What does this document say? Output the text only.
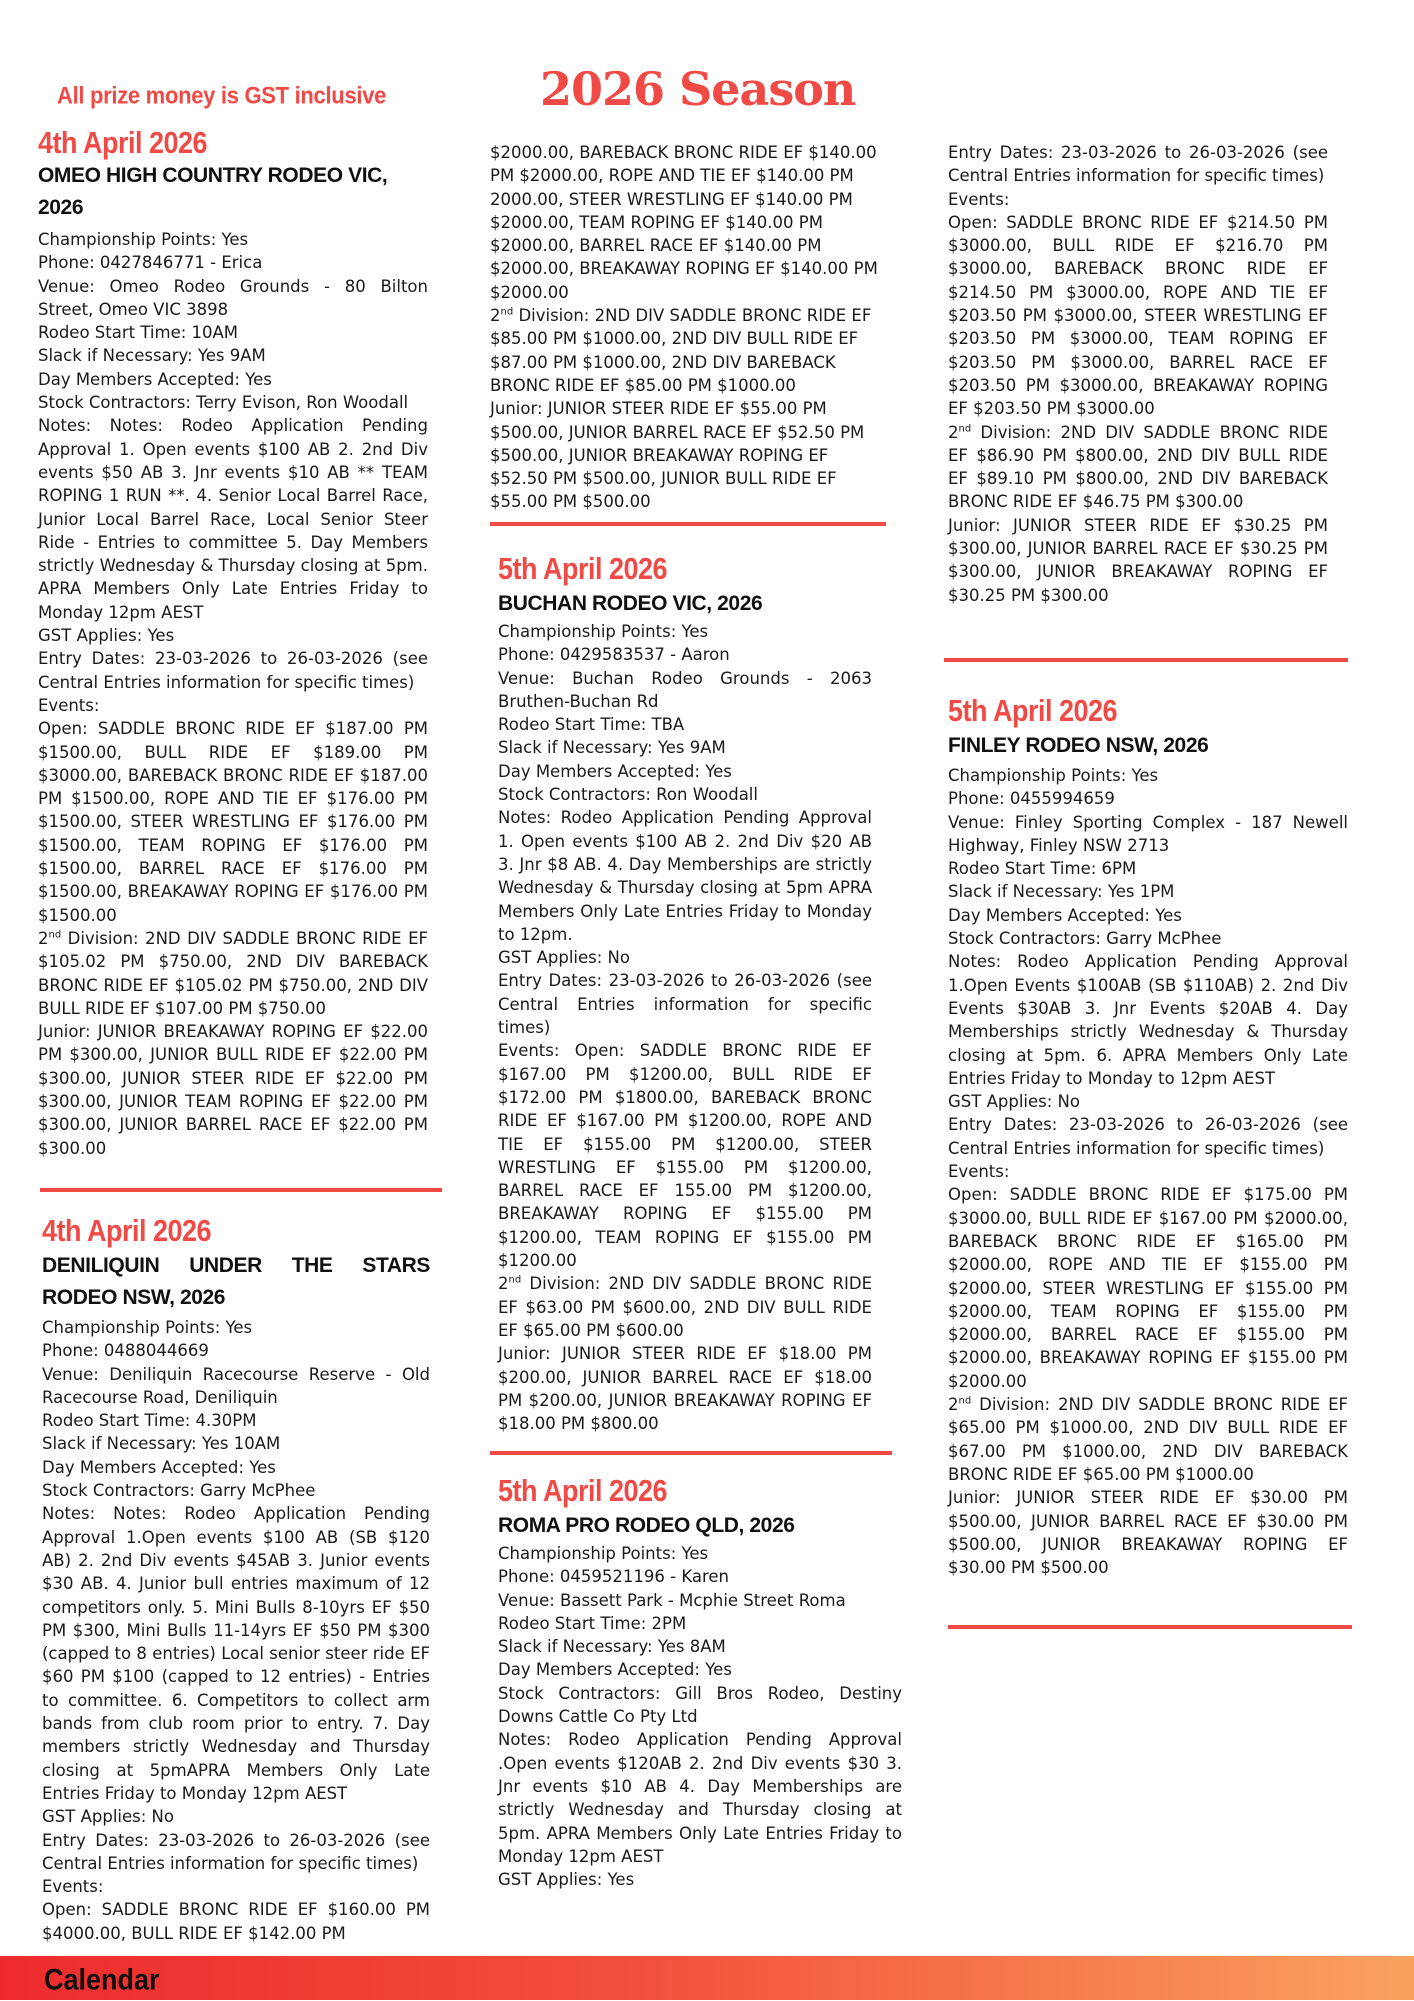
All prize money is GST inclusive	2026 Season

4th April 2026

OMEO HIGH COUNTRY RODEO VIC, 2026

Championship Points: Yes

Phone: 0427846771 - Erica

Venue: Omeo Rodeo Grounds - 80 Bilton Street, Omeo VIC 3898

Rodeo Start Time: 10AM

Slack if Necessary: Yes 9AM

Day Members Accepted: Yes

Stock Contractors: Terry Evison, Ron Woodall

Notes: Notes: Rodeo Application Pending Approval 1. Open events $100 AB 2. 2nd Div events $50 AB 3. Jnr events $10 AB ** TEAM ROPING 1 RUN **. 4. Senior Local Barrel Race, Junior Local Barrel Race, Local Senior Steer Ride - Entries to committee 5. Day Members strictly Wednesday & Thursday closing at 5pm. APRA Members Only Late Entries Friday to Monday 12pm AEST

GST Applies: Yes

Entry Dates: 23-03-2026 to 26-03-2026 (see Central Entries information for specific times)

Events:

Open: SADDLE BRONC RIDE EF $187.00 PM $1500.00, BULL RIDE EF $189.00 PM $3000.00, BAREBACK BRONC RIDE EF $187.00 PM $1500.00, ROPE AND TIE EF $176.00 PM $1500.00, STEER WRESTLING EF $176.00 PM $1500.00, TEAM ROPING EF $176.00 PM $1500.00, BARREL RACE EF $176.00 PM $1500.00, BREAKAWAY ROPING EF $176.00 PM $1500.00

2nd Division: 2ND DIV SADDLE BRONC RIDE EF $105.02 PM $750.00, 2ND DIV BAREBACK BRONC RIDE EF $105.02 PM $750.00, 2ND DIV BULL RIDE EF $107.00 PM $750.00

Junior: JUNIOR BREAKAWAY ROPING EF $22.00 PM $300.00, JUNIOR BULL RIDE EF $22.00 PM $300.00, JUNIOR STEER RIDE EF $22.00 PM $300.00, JUNIOR TEAM ROPING EF $22.00 PM $300.00, JUNIOR BARREL RACE EF $22.00 PM $300.00

4th April 2026

DENILIQUIN UNDER THE STARS RODEO NSW, 2026

Championship Points: Yes

Phone: 0488044669

Venue: Deniliquin Racecourse Reserve - Old Racecourse Road, Deniliquin

Rodeo Start Time: 4.30PM

Slack if Necessary: Yes 10AM

Day Members Accepted: Yes

Stock Contractors: Garry McPhee

Notes: Notes: Rodeo Application Pending Approval 1.Open events $100 AB (SB $120 AB) 2. 2nd Div events $45AB 3. Junior events $30 AB. 4. Junior bull entries maximum of 12 competitors only. 5. Mini Bulls 8-10yrs EF $50 PM $300, Mini Bulls 11-14yrs EF $50 PM $300 (capped to 8 entries) Local senior steer ride EF $60 PM $100 (capped to 12 entries) - Entries to committee. 6. Competitors to collect arm bands from club room prior to entry. 7. Day members strictly Wednesday and Thursday closing at 5pmAPRA Members Only Late Entries Friday to Monday 12pm AEST

GST Applies: No

Entry Dates: 23-03-2026 to 26-03-2026 (see Central Entries information for specific times)

Events:

Open: SADDLE BRONC RIDE EF $160.00 PM $4000.00, BULL RIDE EF $142.00 PM

$2000.00, BAREBACK BRONC RIDE EF $140.00 PM $2000.00, ROPE AND TIE EF $140.00 PM 2000.00, STEER WRESTLING EF $140.00 PM $2000.00, TEAM ROPING EF $140.00 PM $2000.00, BARREL RACE EF $140.00 PM $2000.00, BREAKAWAY ROPING EF $140.00 PM $2000.00

2nd Division: 2ND DIV SADDLE BRONC RIDE EF $85.00 PM $1000.00, 2ND DIV BULL RIDE EF $87.00 PM $1000.00, 2ND DIV BAREBACK BRONC RIDE EF $85.00 PM $1000.00

Junior: JUNIOR STEER RIDE EF $55.00 PM $500.00, JUNIOR BARREL RACE EF $52.50 PM $500.00, JUNIOR BREAKAWAY ROPING EF $52.50 PM $500.00, JUNIOR BULL RIDE EF $55.00 PM $500.00

5th April 2026

BUCHAN RODEO VIC, 2026

Championship Points: Yes

Phone: 0429583537 - Aaron

Venue: Buchan Rodeo Grounds - 2063 Bruthen-Buchan Rd

Rodeo Start Time: TBA

Slack if Necessary: Yes 9AM

Day Members Accepted: Yes

Stock Contractors: Ron Woodall

Notes: Rodeo Application Pending Approval 1. Open events $100 AB 2. 2nd Div $20 AB 3. Jnr $8 AB. 4. Day Memberships are strictly Wednesday & Thursday closing at 5pm APRA Members Only Late Entries Friday to Monday to 12pm.

GST Applies: No

Entry Dates: 23-03-2026 to 26-03-2026 (see Central Entries information for specific times)

Events: Open: SADDLE BRONC RIDE EF $167.00 PM $1200.00, BULL RIDE EF $172.00 PM $1800.00, BAREBACK BRONC RIDE EF $167.00 PM $1200.00, ROPE AND TIE EF $155.00 PM $1200.00, STEER WRESTLING EF $155.00 PM $1200.00, BARREL RACE EF 155.00 PM $1200.00, BREAKAWAY ROPING EF $155.00 PM $1200.00, TEAM ROPING EF $155.00 PM $1200.00

2nd Division: 2ND DIV SADDLE BRONC RIDE EF $63.00 PM $600.00, 2ND DIV BULL RIDE EF $65.00 PM $600.00

Junior: JUNIOR STEER RIDE EF $18.00 PM $200.00, JUNIOR BARREL RACE EF $18.00 PM $200.00, JUNIOR BREAKAWAY ROPING EF $18.00 PM $800.00

5th April 2026

ROMA PRO RODEO QLD, 2026

Championship Points: Yes

Phone: 0459521196 - Karen

Venue: Bassett Park - Mcphie Street Roma

Rodeo Start Time: 2PM

Slack if Necessary: Yes 8AM

Day Members Accepted: Yes

Stock Contractors: Gill Bros Rodeo, Destiny Downs Cattle Co Pty Ltd

Notes: Rodeo Application Pending Approval .Open events $120AB 2. 2nd Div events $30 3. Jnr events $10 AB 4. Day Memberships are strictly Wednesday and Thursday closing at 5pm. APRA Members Only Late Entries Friday to Monday 12pm AEST

GST Applies: Yes

Entry Dates: 23-03-2026 to 26-03-2026 (see Central Entries information for specific times)

Events:

Open: SADDLE BRONC RIDE EF $214.50 PM $3000.00, BULL RIDE EF $216.70 PM $3000.00, BAREBACK BRONC RIDE EF $214.50 PM $3000.00, ROPE AND TIE EF $203.50 PM $3000.00, STEER WRESTLING EF $203.50 PM $3000.00, TEAM ROPING EF $203.50 PM $3000.00, BARREL RACE EF $203.50 PM $3000.00, BREAKAWAY ROPING EF $203.50 PM $3000.00

2nd Division: 2ND DIV SADDLE BRONC RIDE EF $86.90 PM $800.00, 2ND DIV BULL RIDE EF $89.10 PM $800.00, 2ND DIV BAREBACK BRONC RIDE EF $46.75 PM $300.00

Junior: JUNIOR STEER RIDE EF $30.25 PM $300.00, JUNIOR BARREL RACE EF $30.25 PM $300.00, JUNIOR BREAKAWAY ROPING EF $30.25 PM $300.00

5th April 2026

FINLEY RODEO NSW, 2026

Championship Points: Yes

Phone: 0455994659

Venue: Finley Sporting Complex - 187 Newell Highway, Finley NSW 2713

Rodeo Start Time: 6PM

Slack if Necessary: Yes 1PM

Day Members Accepted: Yes

Stock Contractors: Garry McPhee

Notes: Rodeo Application Pending Approval 1.Open Events $100AB (SB $110AB) 2. 2nd Div Events $30AB 3. Jnr Events $20AB 4. Day Memberships strictly Wednesday & Thursday closing at 5pm. 6. APRA Members Only Late Entries Friday to Monday to 12pm AEST

GST Applies: No

Entry Dates: 23-03-2026 to 26-03-2026 (see Central Entries information for specific times)

Events:

Open: SADDLE BRONC RIDE EF $175.00 PM $3000.00, BULL RIDE EF $167.00 PM $2000.00, BAREBACK BRONC RIDE EF $165.00 PM $2000.00, ROPE AND TIE EF $155.00 PM $2000.00, STEER WRESTLING EF $155.00 PM $2000.00, TEAM ROPING EF $155.00 PM $2000.00, BARREL RACE EF $155.00 PM $2000.00, BREAKAWAY ROPING EF $155.00 PM $2000.00

2nd Division: 2ND DIV SADDLE BRONC RIDE EF $65.00 PM $1000.00, 2ND DIV BULL RIDE EF $67.00 PM $1000.00, 2ND DIV BAREBACK BRONC RIDE EF $65.00 PM $1000.00

Junior: JUNIOR STEER RIDE EF $30.00 PM $500.00, JUNIOR BARREL RACE EF $30.00 PM $500.00, JUNIOR BREAKAWAY ROPING EF $30.00 PM $500.00

Calendar
